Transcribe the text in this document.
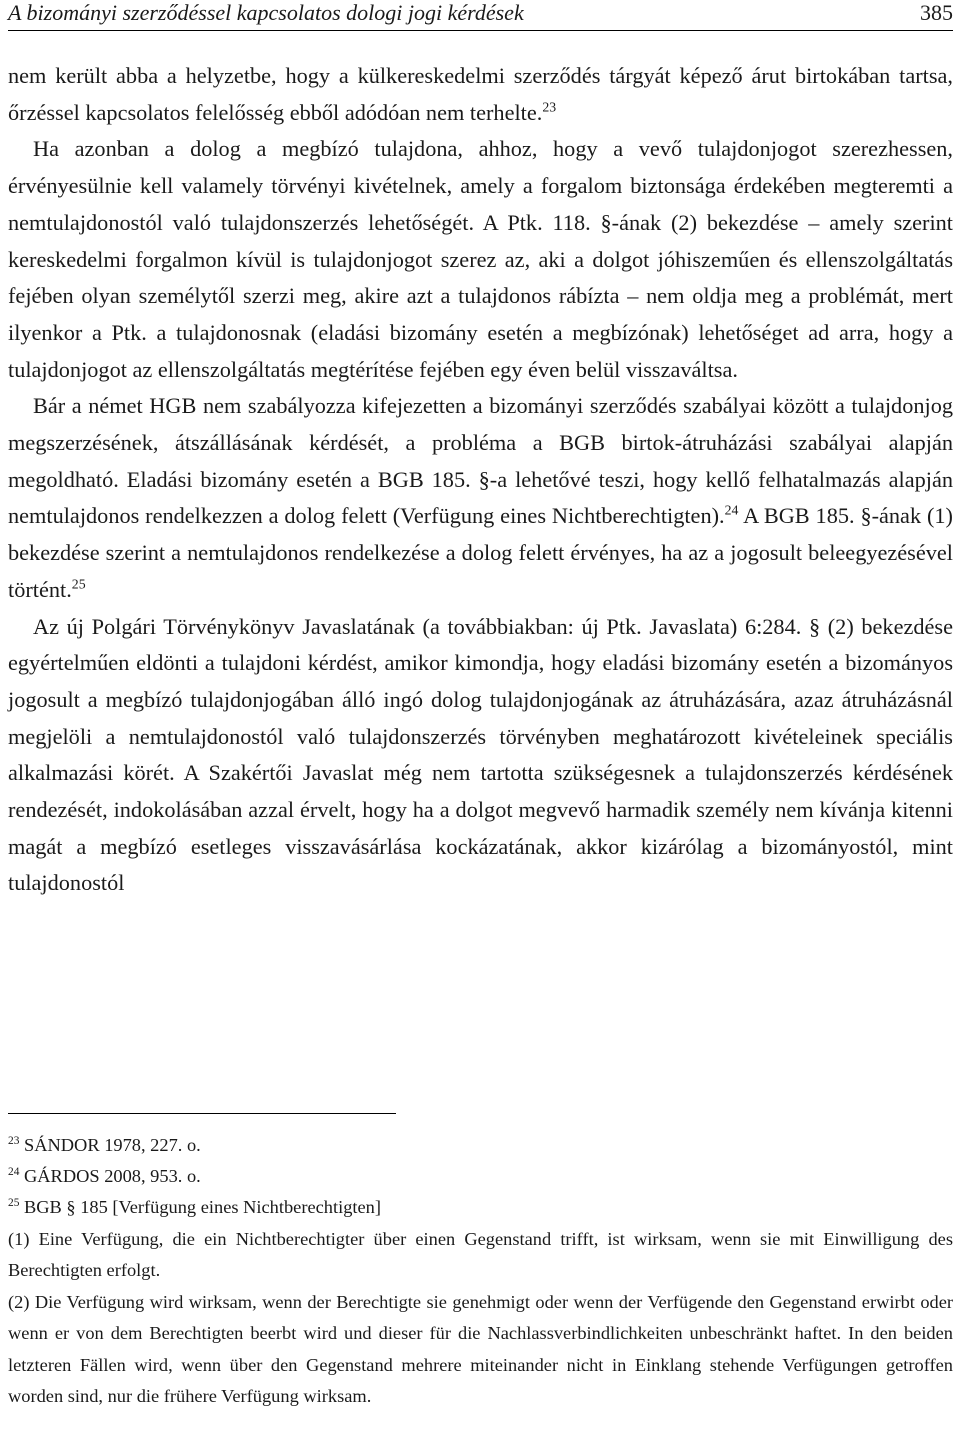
A bizományi szerződéssel kapcsolatos dologi jogi kérdések	385

nem került abba a helyzetbe, hogy a külkereskedelmi szerződés tárgyát képező árut birtokában tartsa, őrzéssel kapcsolatos felelősség ebből adódóan nem terhelte.$^{23}$

Ha azonban a dolog a megbízó tulajdona, ahhoz, hogy a vevő tulajdonjogot szerezhessen, érvényesülnie kell valamely törvényi kivételnek, amely a forgalom biztonsága érdekében megteremti a nemtulajdonostól való tulajdonszerzés lehetőségét. A Ptk. 118. §-ának (2) bekezdése – amely szerint kereskedelmi forgalmon kívül is tulajdonjogot szerez az, aki a dolgot jóhiszeműen és ellenszolgáltatás fejében olyan személytől szerzi meg, akire azt a tulajdonos rábízta – nem oldja meg a problémát, mert ilyenkor a Ptk. a tulajdonosnak (eladási bizomány esetén a megbízónak) lehetőséget ad arra, hogy a tulajdonjogot az ellenszolgáltatás megtérítése fejében egy éven belül visszaváltsa.

Bár a német HGB nem szabályozza kifejezetten a bizományi szerződés szabályai között a tulajdonjog megszerzésének, átszállásának kérdését, a probléma a BGB birtok-átruházási szabályai alapján megoldható. Eladási bizomány esetén a BGB 185. §-a lehetővé teszi, hogy kellő felhatalmazás alapján nemtulajdonos rendelkezzen a dolog felett (Verfügung eines Nichtberechtigten).$^{24}$ A BGB 185. §-ának (1) bekezdése szerint a nemtulajdonos rendelkezése a dolog felett érvényes, ha az a jogosult beleegyezésével történt.$^{25}$

Az új Polgári Törvénykönyv Javaslatának (a továbbiakban: új Ptk. Javaslata) 6:284. § (2) bekezdése egyértelműen eldönti a tulajdoni kérdést, amikor kimondja, hogy eladási bizomány esetén a bizományos jogosult a megbízó tulajdonjogában álló ingó dolog tulajdonjogának az átruházására, azaz átruházásnál megjelöli a nemtulajdonostól való tulajdonszerzés törvényben meghatározott kivételeinek speciális alkalmazási körét. A Szakértői Javaslat még nem tartotta szükségesnek a tulajdonszerzés kérdésének rendezését, indokolásában azzal érvelt, hogy ha a dolgot megvevő harmadik személy nem kívánja kitenni magát a megbízó esetleges visszavásárlása kockázatának, akkor kizárólag a bizományostól, mint tulajdonostól

$^{23}$ SÁNDOR 1978, 227. o.

$^{24}$ GÁRDOS 2008, 953. o.

$^{25}$ BGB § 185 [Verfügung eines Nichtberechtigten]

(1) Eine Verfügung, die ein Nichtberechtigter über einen Gegenstand trifft, ist wirksam, wenn sie mit Einwilligung des Berechtigten erfolgt.

(2) Die Verfügung wird wirksam, wenn der Berechtigte sie genehmigt oder wenn der Verfügende den Gegenstand erwirbt oder wenn er von dem Berechtigten beerbt wird und dieser für die Nachlassverbindlichkeiten unbeschränkt haftet. In den beiden letzteren Fällen wird, wenn über den Gegenstand mehrere miteinander nicht in Einklang stehende Verfügungen getroffen worden sind, nur die frühere Verfügung wirksam.
